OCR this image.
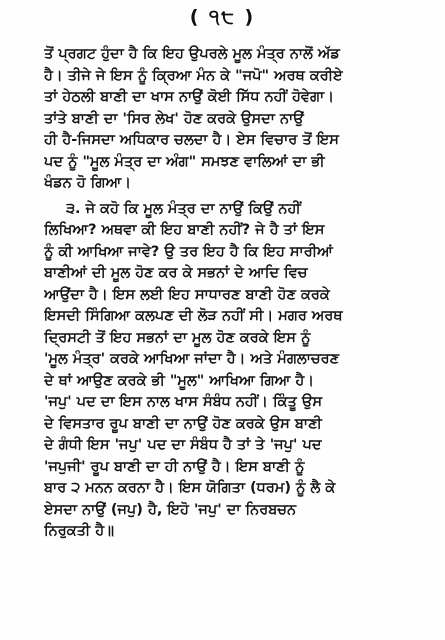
( ੧੮ )
ਤੋਂ ਪ੍ਰਗਟ ਹੁੰਦਾ ਹੈ ਕਿ ਇਹ ਉਪਰਲੇ ਮੂਲ ਮੰਤ੍ਰ ਨਾਲੋਂ ਅੱਡ
ਹੈ। ਤੀਜੇ ਜੇ ਇਸ ਨੂੰ ਕ੍ਰਿਆ ਮੰਨ ਕੇ "ਜਪੋ" ਅਰਥ ਕਰੀਏ
ਤਾਂ ਹੇਠਲੀ ਬਾਣੀ ਦਾ ਖਾਸ ਨਾਉਂ ਕੋਈ ਸਿੱਧ ਨਹੀਂ ਹੋਵੇਗਾ।
ਤਾਂਤੇ ਬਾਣੀ ਦਾ 'ਸਿਰ ਲੇਖ' ਹੋਣ ਕਰਕੇ ਉਸਦਾ ਨਾਉਂ
ਹੀ ਹੈ-ਜਿਸਦਾ ਅਧਿਕਾਰ ਚਲਦਾ ਹੈ। ਏਸ ਵਿਚਾਰ ਤੋਂ ਇਸ
ਪਦ ਨੂੰ "ਮੂਲ ਮੰਤ੍ਰ ਦਾ ਅੰਗ" ਸਮਝਣ ਵਾਲਿਆਂ ਦਾ ਭੀ
ਖੰਡਨ ਹੋ ਗਿਆ।
੩. ਜੇ ਕਹੋ ਕਿ ਮੂਲ ਮੰਤ੍ਰ ਦਾ ਨਾਉਂ ਕਿਉਂ ਨਹੀਂ
ਲਿਖਿਆ? ਅਥਵਾ ਕੀ ਇਹ ਬਾਣੀ ਨਹੀਂ? ਜੇ ਹੈ ਤਾਂ ਇਸ
ਨੂੰ ਕੀ ਆਖਿਆ ਜਾਵੇ? ਉ ਤਰ ਇਹ ਹੈ ਕਿ ਇਹ ਸਾਰੀਆਂ
ਬਾਣੀਆਂ ਦੀ ਮੂਲ ਹੋਣ ਕਰ ਕੇ ਸਭਨਾਂ ਦੇ ਆਦਿ ਵਿਚ
ਆਉਂਦਾ ਹੈ। ਇਸ ਲਈ ਇਹ ਸਾਧਾਰਣ ਬਾਣੀ ਹੋਣ ਕਰਕੇ
ਇਸਦੀ ਸਿੰਗਿਆ ਕਲਪਣ ਦੀ ਲੋੜ ਨਹੀਂ ਸੀ। ਮਗਰ ਅਰਥ
ਦ੍ਰਿਸਟੀ ਤੋਂ ਇਹ ਸਭਨਾਂ ਦਾ ਮੂਲ ਹੋਣ ਕਰਕੇ ਇਸ ਨੂੰ
'ਮੂਲ ਮੰਤ੍ਰ' ਕਰਕੇ ਆਖਿਆ ਜਾਂਦਾ ਹੈ। ਅਤੇ ਮੰਗਲਾਚਰਣ
ਦੇ ਥਾਂ ਆਉਣ ਕਰਕੇ ਭੀ "ਮੂਲ" ਆਖਿਆ ਗਿਆ ਹੈ।
'ਜਪੁ' ਪਦ ਦਾ ਇਸ ਨਾਲ ਖਾਸ ਸੰਬੰਧ ਨਹੀਂ। ਕਿੰਤੂ ਉਸ
ਦੇ ਵਿਸਤਾਰ ਰੂਪ ਬਾਣੀ ਦਾ ਨਾਉਂ ਹੋਣ ਕਰਕੇ ਉਸ ਬਾਣੀ
ਦੇ ਗੰਧੀ ਇਸ 'ਜਪੁ' ਪਦ ਦਾ ਸੰਬੰਧ ਹੈ ਤਾਂ ਤੇ 'ਜਪੁ' ਪਦ
'ਜਪੁਜੀ' ਰੂਪ ਬਾਣੀ ਦਾ ਹੀ ਨਾਉਂ ਹੈ। ਇਸ ਬਾਣੀ ਨੂੰ
ਬਾਰ ੨ ਮਨਨ ਕਰਨਾ ਹੈ। ਇਸ ਯੋਗਿਤਾ (ਧਰਮ) ਨੂੰ ਲੈ ਕੇ
ਏਸਦਾ ਨਾਉਂ (ਜਪੁ) ਹੈ, ਇਹੋ 'ਜਪੁ' ਦਾ ਨਿਰਬਚਨ
ਨਿਰੁਕਤੀ ਹੈ॥
